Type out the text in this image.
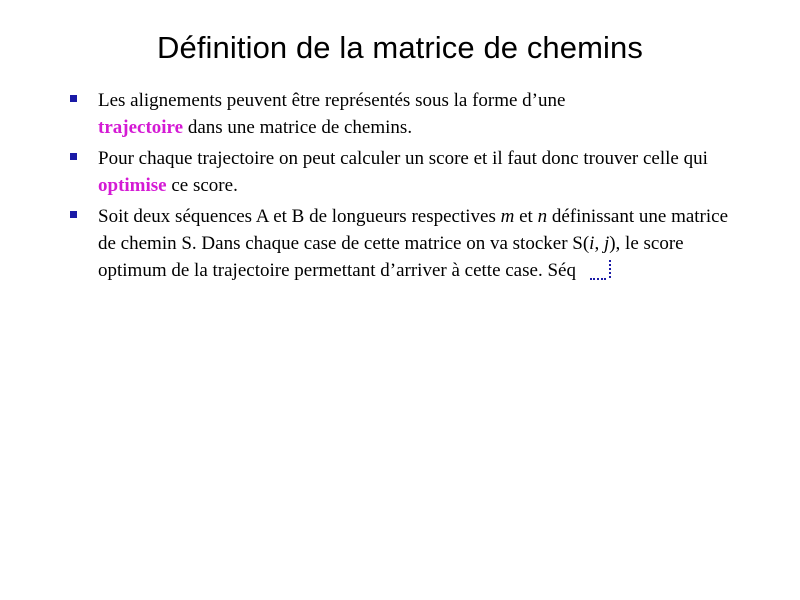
Définition de la matrice de chemins
Les alignements peuvent être représentés sous la forme d’une
trajectoire dans une matrice de chemins.
Pour chaque trajectoire on peut calculer un score et il faut donc trouver celle qui optimise ce score.
Soit deux séquences A et B de longueurs respectives m et n définissant une matrice de chemin S. Dans chaque case de cette matrice on va stocker S(i, j), le score optimum de la trajectoire permettant d’arriver à cette case. Séq
